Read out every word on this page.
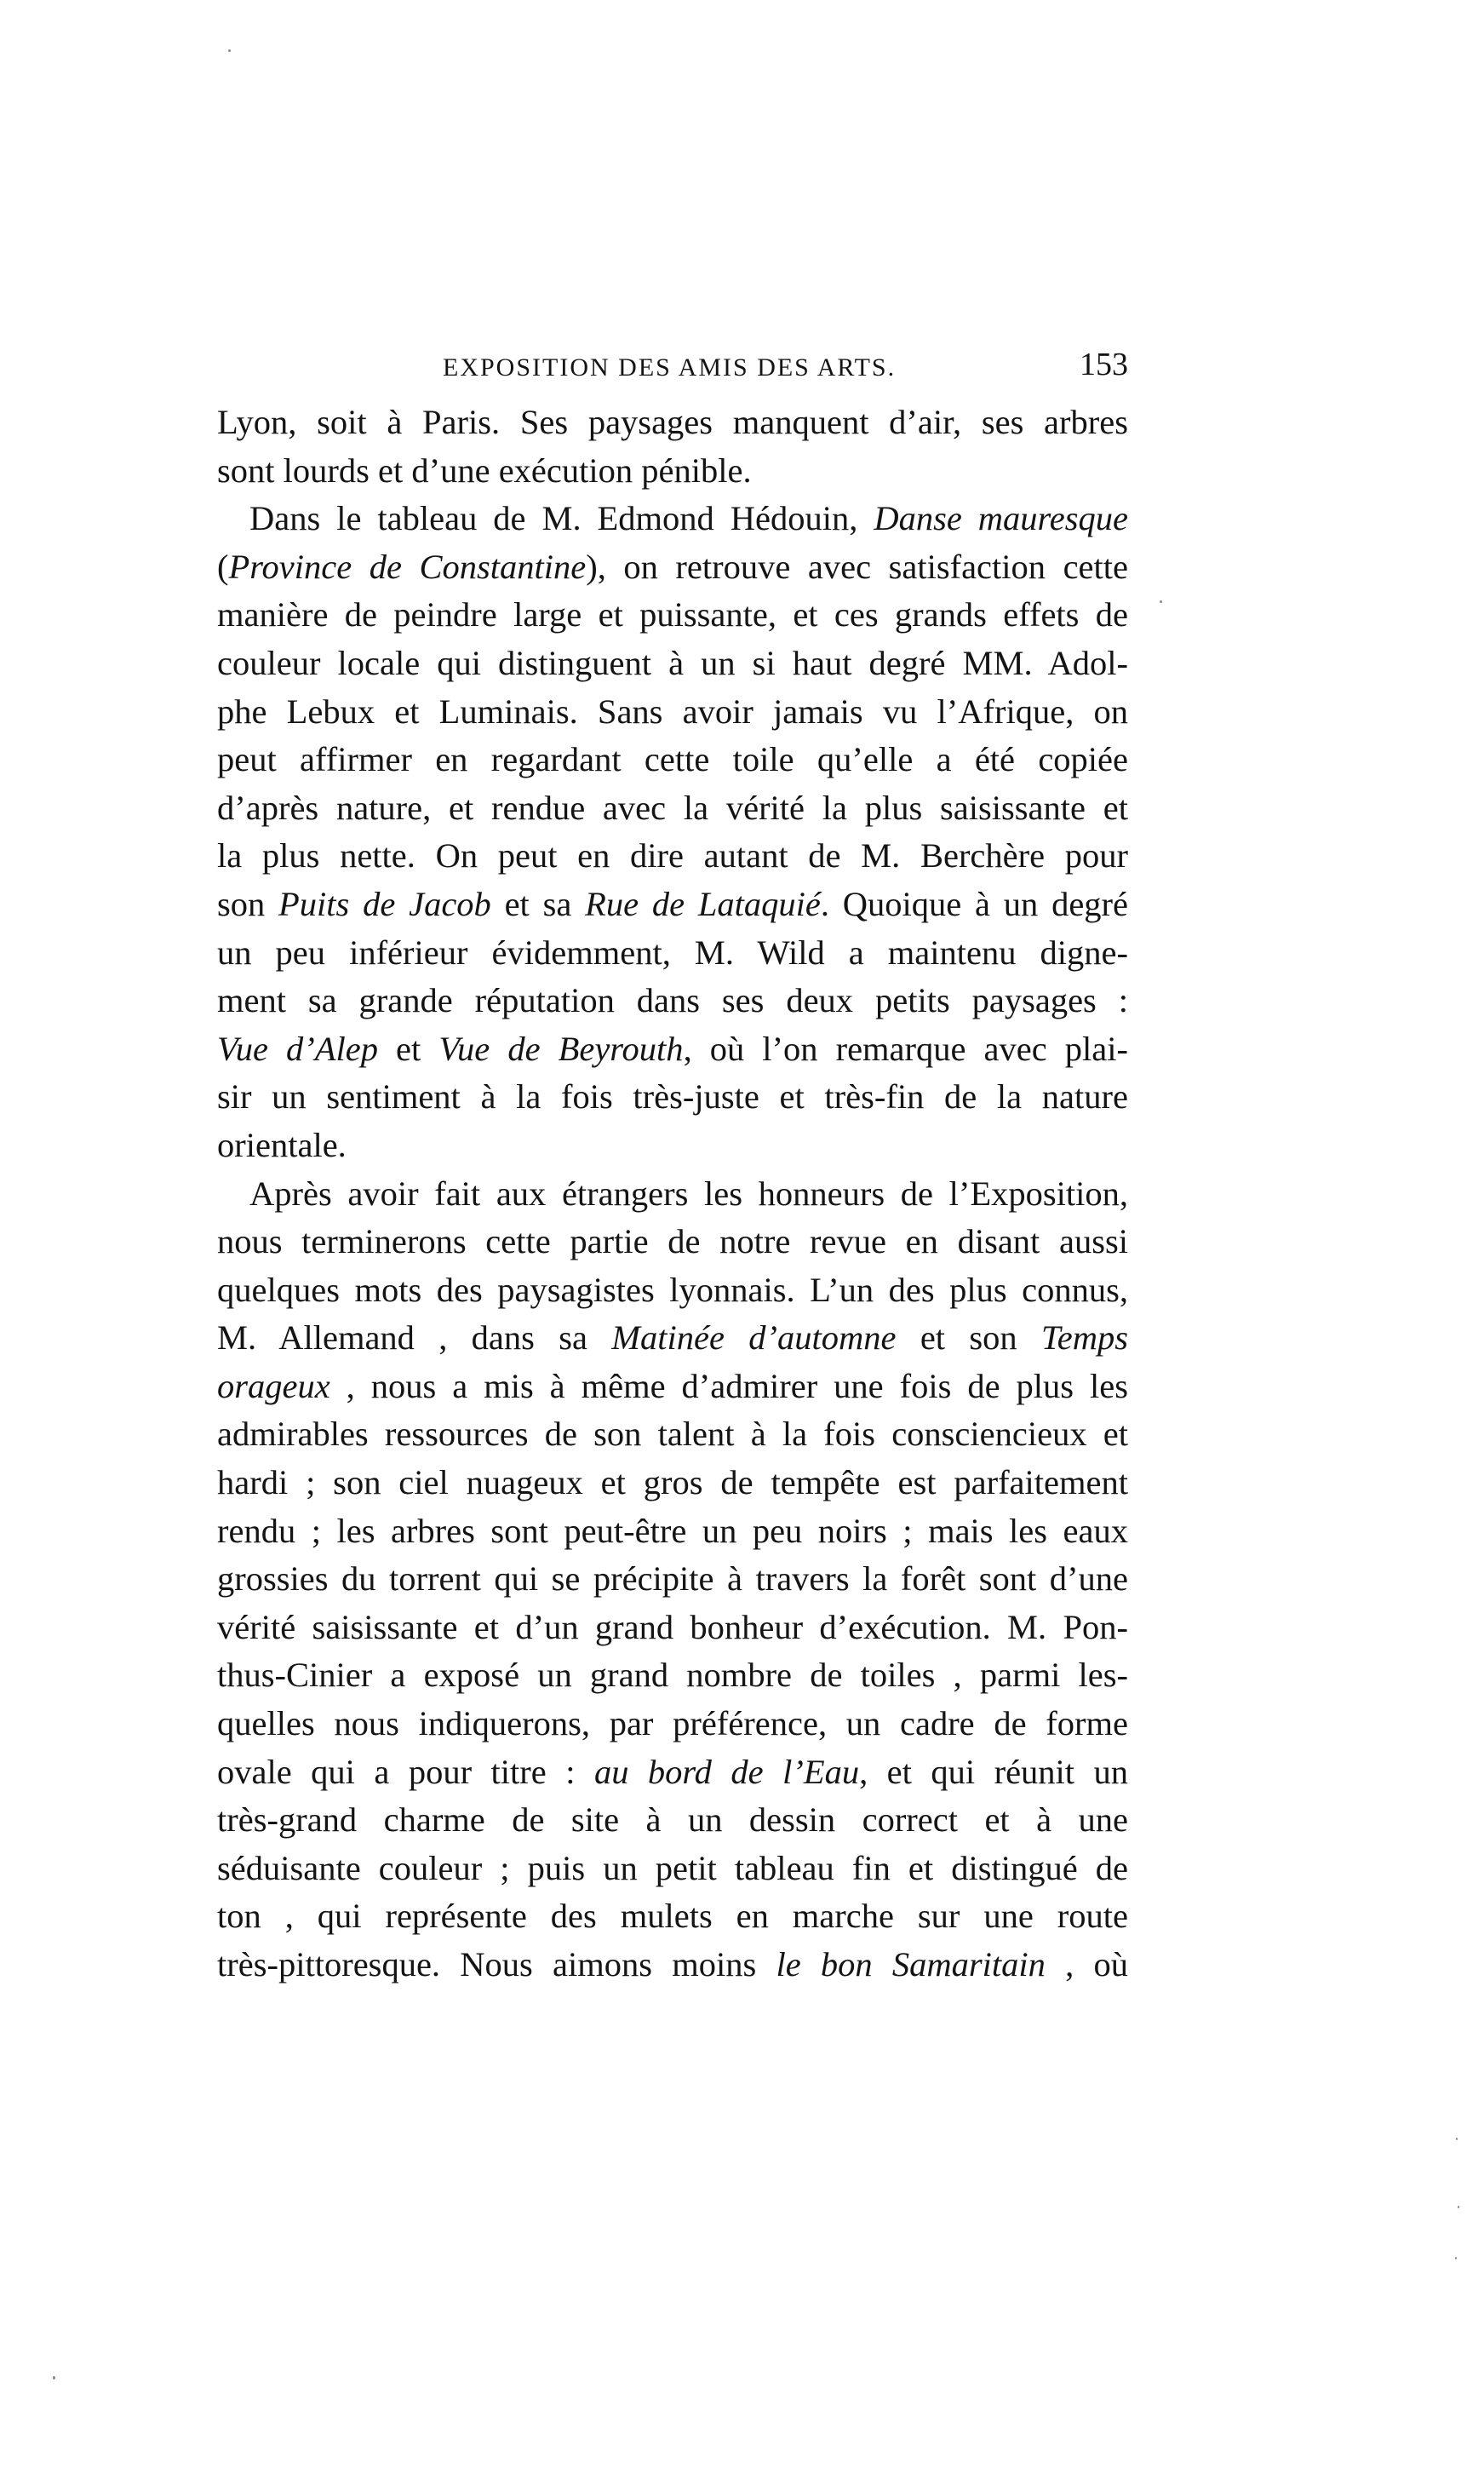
EXPOSITION DES AMIS DES ARTS.	153
Lyon, soit à Paris. Ses paysages manquent d’air, ses arbres
sont lourds et d’une exécution pénible.
Dans le tableau de M. Edmond Hédouin, Danse mauresque
(Province de Constantine), on retrouve avec satisfaction cette
manière de peindre large et puissante, et ces grands effets de
couleur locale qui distinguent à un si haut degré MM. Adol-
phe Lebux et Luminais. Sans avoir jamais vu l’Afrique, on
peut affirmer en regardant cette toile qu’elle a été copiée
d’après nature, et rendue avec la vérité la plus saisissante et
la plus nette. On peut en dire autant de M. Berchère pour
son Puits de Jacob et sa Rue de Lataquié. Quoique à un degré
un peu inférieur évidemment, M. Wild a maintenu digne-
ment sa grande réputation dans ses deux petits paysages :
Vue d’Alep et Vue de Beyrouth, où l’on remarque avec plai-
sir un sentiment à la fois très-juste et très-fin de la nature
orientale.
Après avoir fait aux étrangers les honneurs de l’Exposition,
nous terminerons cette partie de notre revue en disant aussi
quelques mots des paysagistes lyonnais. L’un des plus connus,
M. Allemand , dans sa Matinée d’automne et son Temps
orageux , nous a mis à même d’admirer une fois de plus les
admirables ressources de son talent à la fois consciencieux et
hardi ; son ciel nuageux et gros de tempête est parfaitement
rendu ; les arbres sont peut-être un peu noirs ; mais les eaux
grossies du torrent qui se précipite à travers la forêt sont d’une
vérité saisissante et d’un grand bonheur d’exécution. M. Pon-
thus-Cinier a exposé un grand nombre de toiles , parmi les-
quelles nous indiquerons, par préférence, un cadre de forme
ovale qui a pour titre : au bord de l’Eau, et qui réunit un
très-grand charme de site à un dessin correct et à une
séduisante couleur ; puis un petit tableau fin et distingué de
ton , qui représente des mulets en marche sur une route
très-pittoresque. Nous aimons moins le bon Samaritain , où
